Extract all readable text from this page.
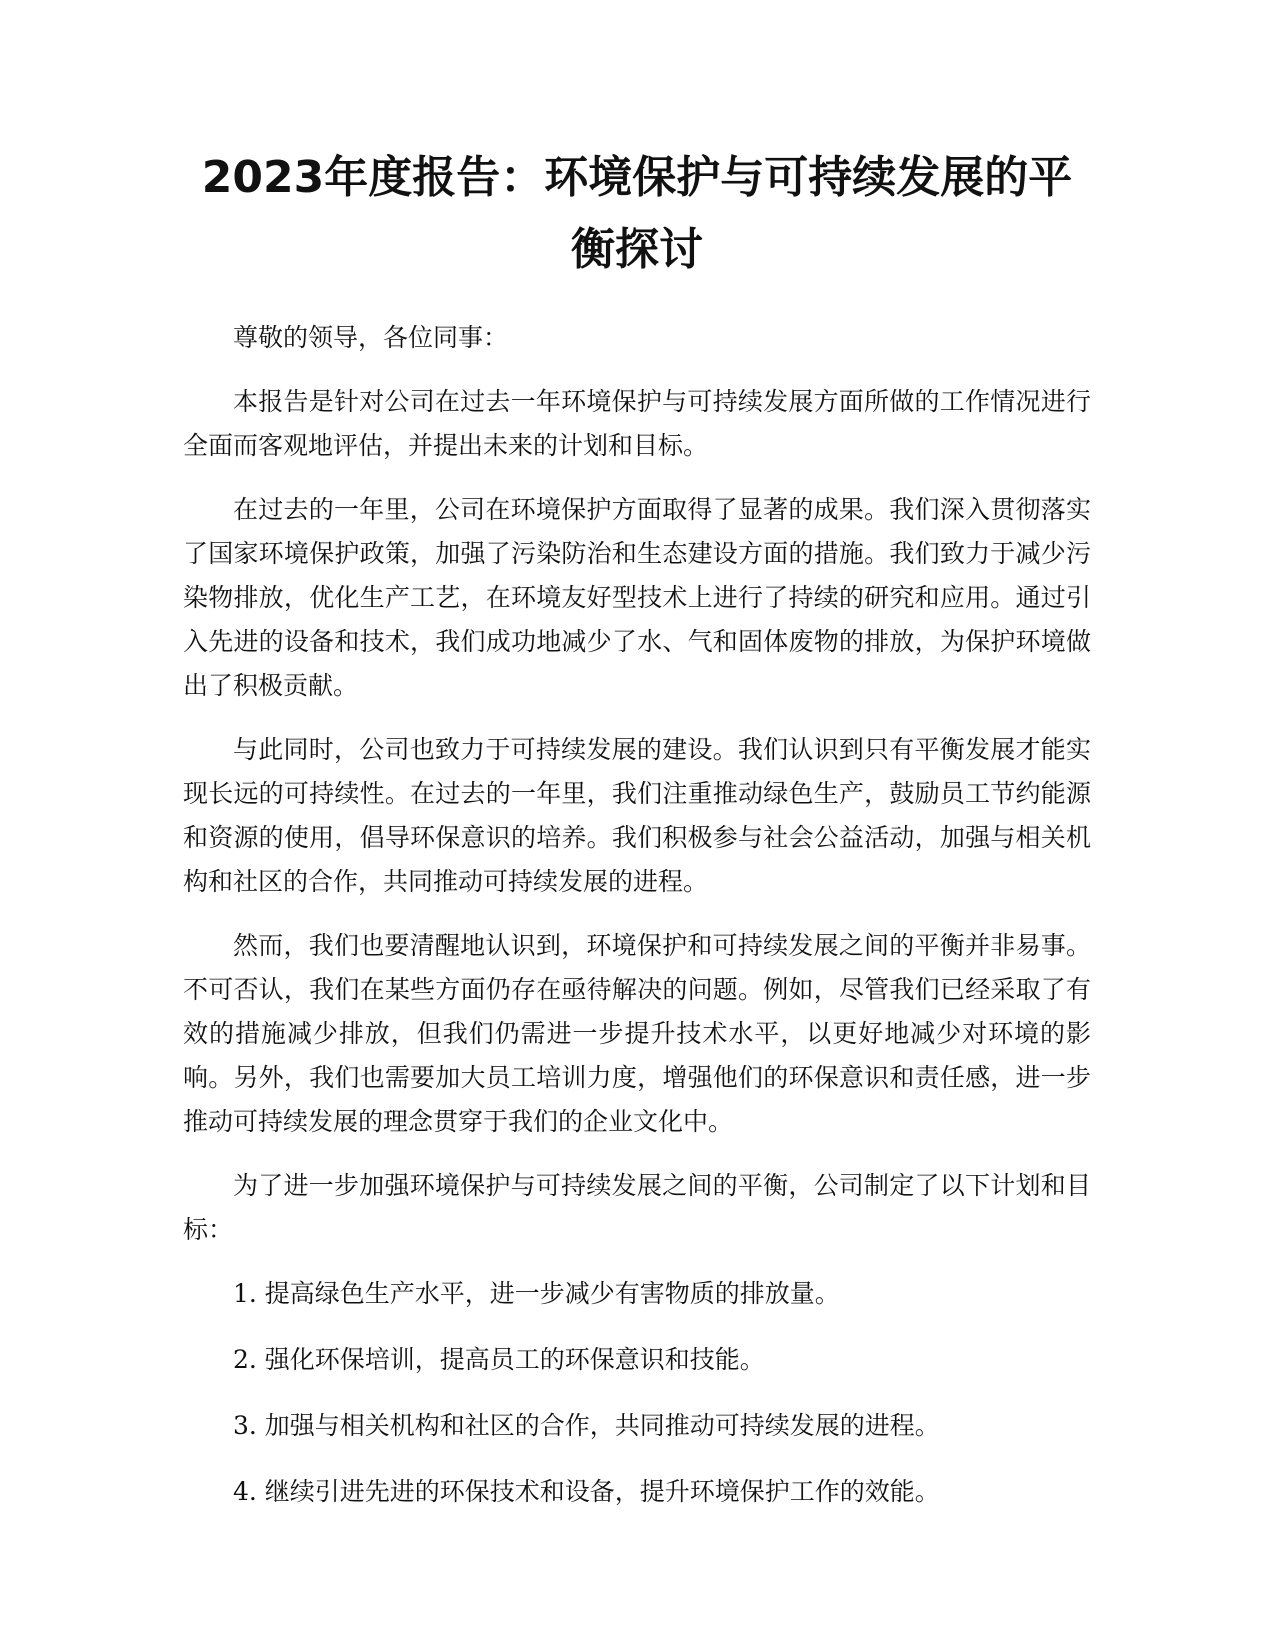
2023年度报告：环境保护与可持续发展的平衡探讨

尊敬的领导，各位同事：

本报告是针对公司在过去一年环境保护与可持续发展方面所做的工作情况进行全面而客观地评估，并提出未来的计划和目标。

在过去的一年里，公司在环境保护方面取得了显著的成果。我们深入贯彻落实了国家环境保护政策，加强了污染防治和生态建设方面的措施。我们致力于减少污染物排放，优化生产工艺，在环境友好型技术上进行了持续的研究和应用。通过引入先进的设备和技术，我们成功地减少了水、气和固体废物的排放，为保护环境做出了积极贡献。

与此同时，公司也致力于可持续发展的建设。我们认识到只有平衡发展才能实现长远的可持续性。在过去的一年里，我们注重推动绿色生产，鼓励员工节约能源和资源的使用，倡导环保意识的培养。我们积极参与社会公益活动，加强与相关机构和社区的合作，共同推动可持续发展的进程。

然而，我们也要清醒地认识到，环境保护和可持续发展之间的平衡并非易事。不可否认，我们在某些方面仍存在亟待解决的问题。例如，尽管我们已经采取了有效的措施减少排放，但我们仍需进一步提升技术水平，以更好地减少对环境的影响。另外，我们也需要加大员工培训力度，增强他们的环保意识和责任感，进一步推动可持续发展的理念贯穿于我们的企业文化中。

为了进一步加强环境保护与可持续发展之间的平衡，公司制定了以下计划和目标：

1. 提高绿色生产水平，进一步减少有害物质的排放量。

2. 强化环保培训，提高员工的环保意识和技能。

3. 加强与相关机构和社区的合作，共同推动可持续发展的进程。

4. 继续引进先进的环保技术和设备，提升环境保护工作的效能。
